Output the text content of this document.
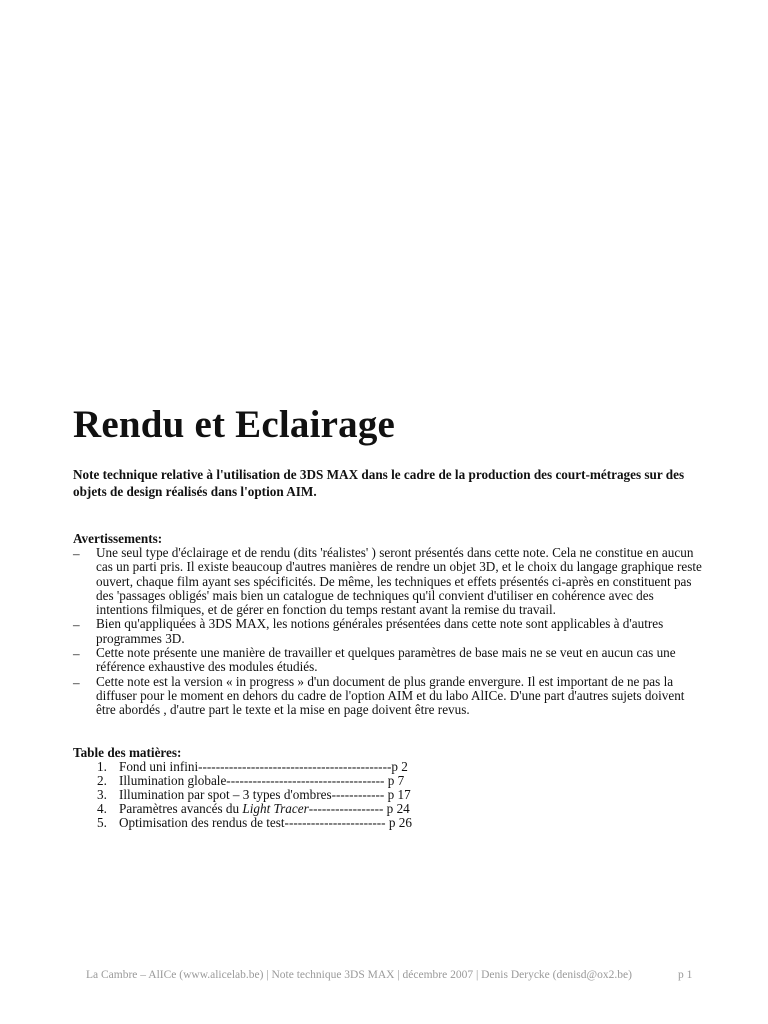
Rendu et Eclairage

Note technique relative à l'utilisation de 3DS MAX dans le cadre de la production des court-métrages sur des
objets de design réalisés dans l'option AIM.

Avertissements:
– Une seul type d'éclairage et de rendu (dits 'réalistes' ) seront présentés dans cette note. Cela ne constitue en aucun
cas un parti pris. Il existe beaucoup d'autres manières de rendre un objet 3D, et le choix du langage graphique reste
ouvert, chaque film ayant ses spécificités. De même, les techniques et effets présentés ci-après en constituent pas
des 'passages obligés' mais bien un catalogue de techniques qu'il convient d'utiliser en cohérence avec des
intentions filmiques, et de gérer en fonction du temps restant avant la remise du travail.
– Bien qu'appliquées à 3DS MAX, les notions générales présentées dans cette note sont applicables à d'autres
programmes 3D.
– Cette note présente une manière de travailler et quelques paramètres de base mais ne se veut en aucun cas une
référence exhaustive des modules étudiés.
– Cette note est la version « in progress » d'un document de plus grande envergure. Il est important de ne pas la
diffuser pour le moment en dehors du cadre de l'option AIM et du labo AlICe. D'une part d'autres sujets doivent
être abordés , d'autre part le texte et la mise en page doivent être revus.
Table des matières:
1. Fond uni infini--------------------------------------------p 2
2. Illumination globale------------------------------------ p 7
3. Illumination par spot – 3 types d'ombres------------ p 17
4. Paramètres avancés du Light Tracer----------------- p 24
5. Optimisation des rendus de test----------------------- p 26
La Cambre – AlICe (www.alicelab.be) | Note technique 3DS MAX | décembre 2007 | Denis Derycke (denisd@ox2.be)	p 1
